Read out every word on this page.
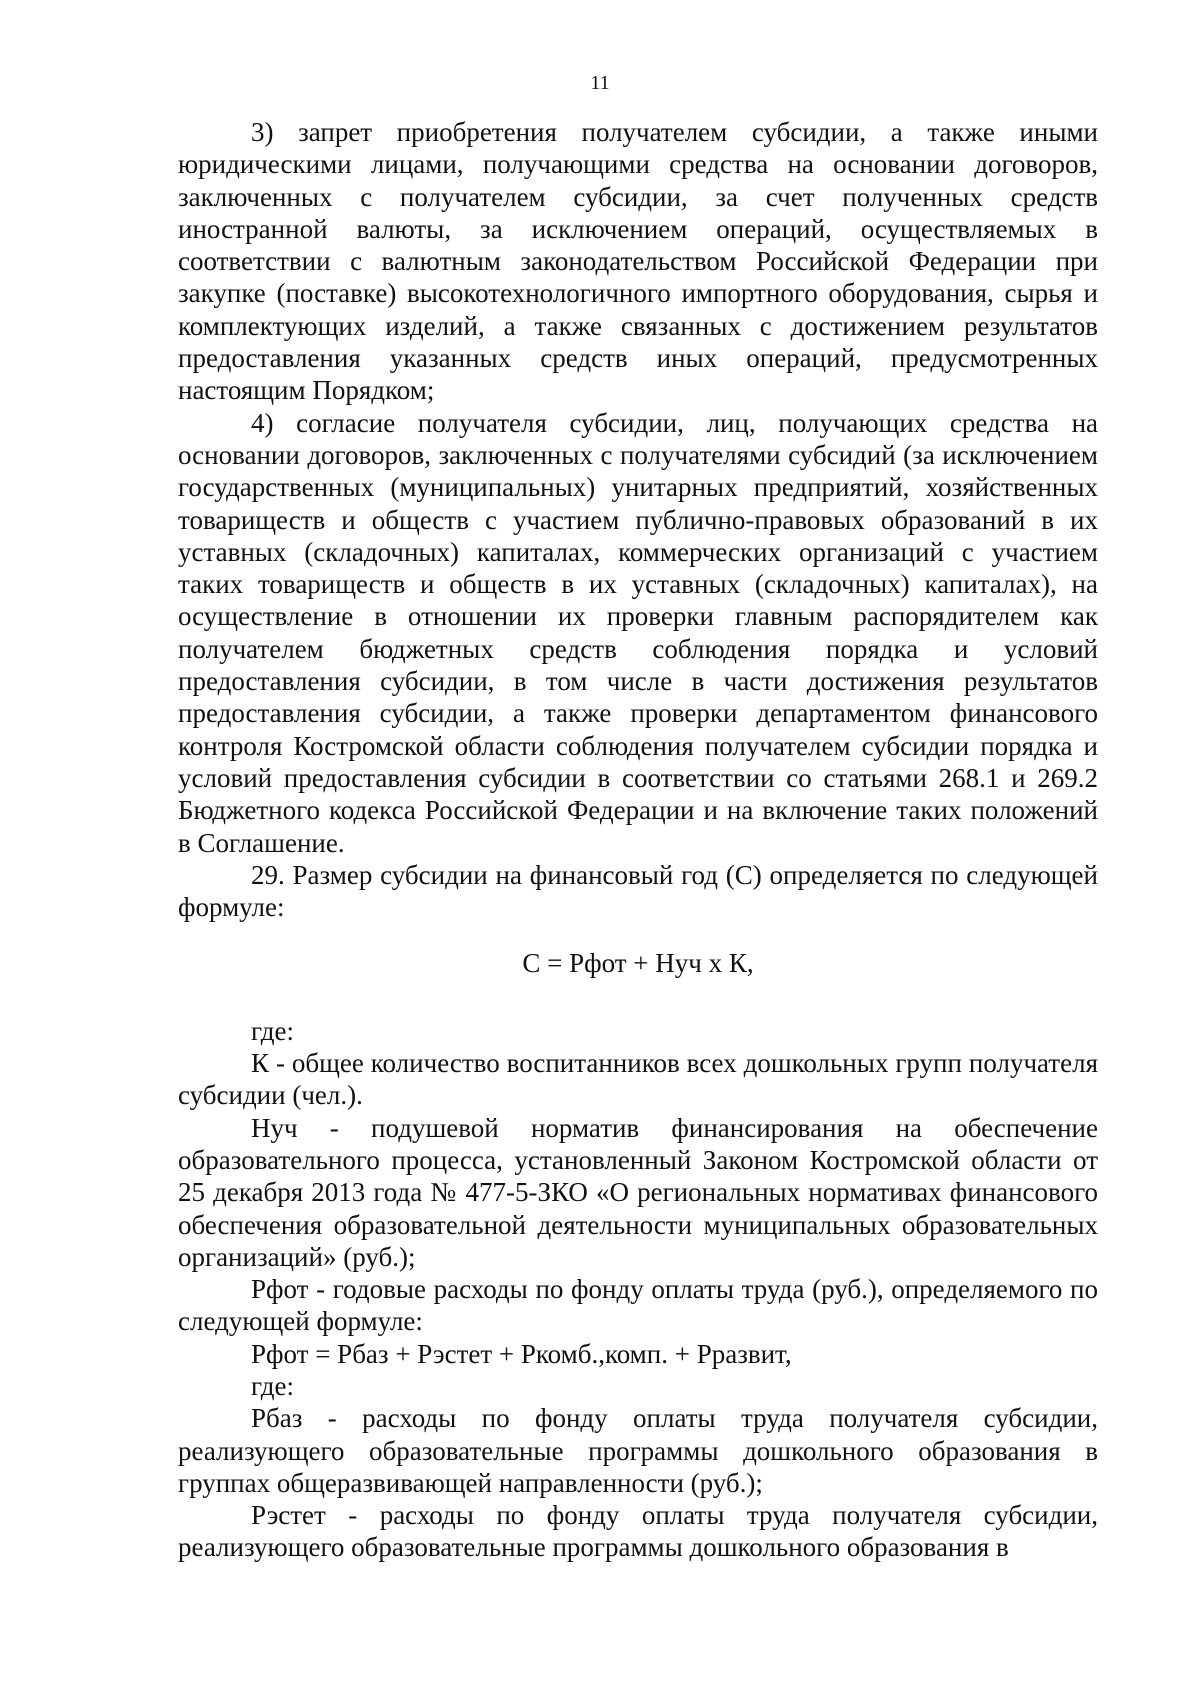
11

3) запрет приобретения получателем субсидии, а также иными юридическими лицами, получающими средства на основании договоров, заключенных с получателем субсидии, за счет полученных средств иностранной валюты, за исключением операций, осуществляемых в соответствии с валютным законодательством Российской Федерации при закупке (поставке) высокотехнологичного импортного оборудования, сырья и комплектующих изделий, а также связанных с достижением результатов предоставления указанных средств иных операций, предусмотренных настоящим Порядком;

4) согласие получателя субсидии, лиц, получающих средства на основании договоров, заключенных с получателями субсидий (за исключением государственных (муниципальных) унитарных предприятий, хозяйственных товариществ и обществ с участием публично-правовых образований в их уставных (складочных) капиталах, коммерческих организаций с участием таких товариществ и обществ в их уставных (складочных) капиталах), на осуществление в отношении их проверки главным распорядителем как получателем бюджетных средств соблюдения порядка и условий предоставления субсидии, в том числе в части достижения результатов предоставления субсидии, а также проверки департаментом финансового контроля Костромской области соблюдения получателем субсидии порядка и условий предоставления субсидии в соответствии со статьями 268.1 и 269.2 Бюджетного кодекса Российской Федерации и на включение таких положений в Соглашение.

29. Размер субсидии на финансовый год (С) определяется по следующей формуле:

С = Рфот + Нуч х К,

где:

К - общее количество воспитанников всех дошкольных групп получателя субсидии (чел.).

Нуч - подушевой норматив финансирования на обеспечение образовательного процесса, установленный Законом Костромской области от 25 декабря 2013 года № 477-5-ЗКО «О региональных нормативах финансового обеспечения образовательной деятельности муниципальных образовательных организаций» (руб.);

Рфот - годовые расходы по фонду оплаты труда (руб.), определяемого по следующей формуле:

Рфот = Рбаз + Рэстет + Ркомб.,комп. + Рразвит,

где:

Рбаз - расходы по фонду оплаты труда получателя субсидии, реализующего образовательные программы дошкольного образования в группах общеразвивающей направленности (руб.);

Рэстет - расходы по фонду оплаты труда получателя субсидии, реализующего образовательные программы дошкольного образования в
